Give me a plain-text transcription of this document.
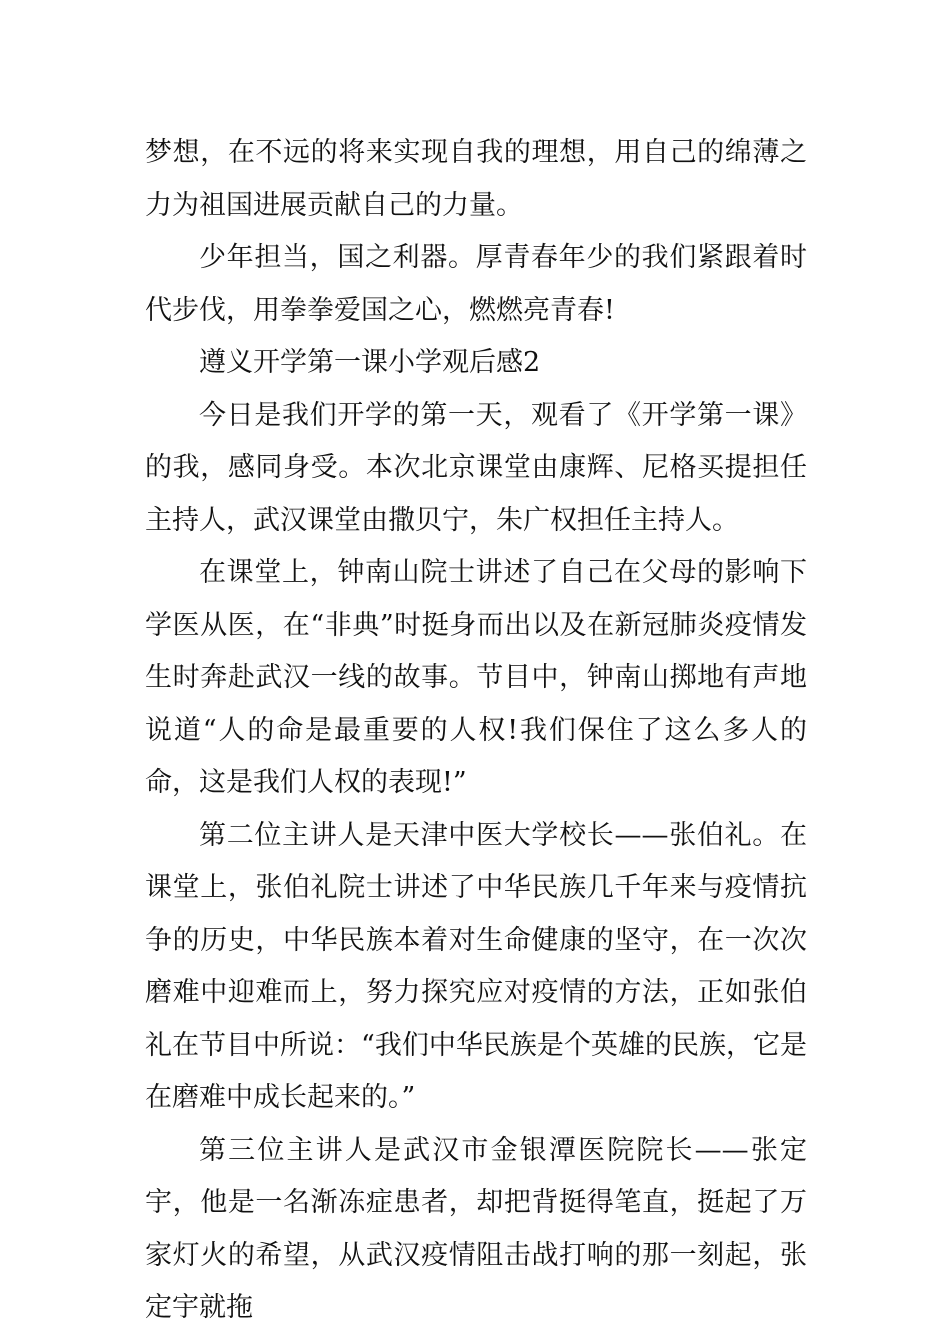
梦想，在不远的将来实现自我的理想，用自己的绵薄之力为祖国进展贡献自己的力量。

少年担当，国之利器。厚青春年少的我们紧跟着时代步伐，用拳拳爱国之心，燃燃亮青春!

遵义开学第一课小学观后感2

今日是我们开学的第一天，观看了《开学第一课》的我，感同身受。本次北京课堂由康辉、尼格买提担任主持人，武汉课堂由撒贝宁，朱广权担任主持人。

在课堂上，钟南山院士讲述了自己在父母的影响下学医从医，在“非典”时挺身而出以及在新冠肺炎疫情发生时奔赴武汉一线的故事。节目中，钟南山掷地有声地说道“人的命是最重要的人权!我们保住了这么多人的命，这是我们人权的表现!”

第二位主讲人是天津中医大学校长——张伯礼。在课堂上，张伯礼院士讲述了中华民族几千年来与疫情抗争的历史，中华民族本着对生命健康的坚守，在一次次磨难中迎难而上，努力探究应对疫情的方法，正如张伯礼在节目中所说：“我们中华民族是个英雄的民族，它是在磨难中成长起来的。”

第三位主讲人是武汉市金银潭医院院长——张定宇，他是一名渐冻症患者，却把背挺得笔直，挺起了万家灯火的希望，从武汉疫情阻击战打响的那一刻起，张定宇就拖
